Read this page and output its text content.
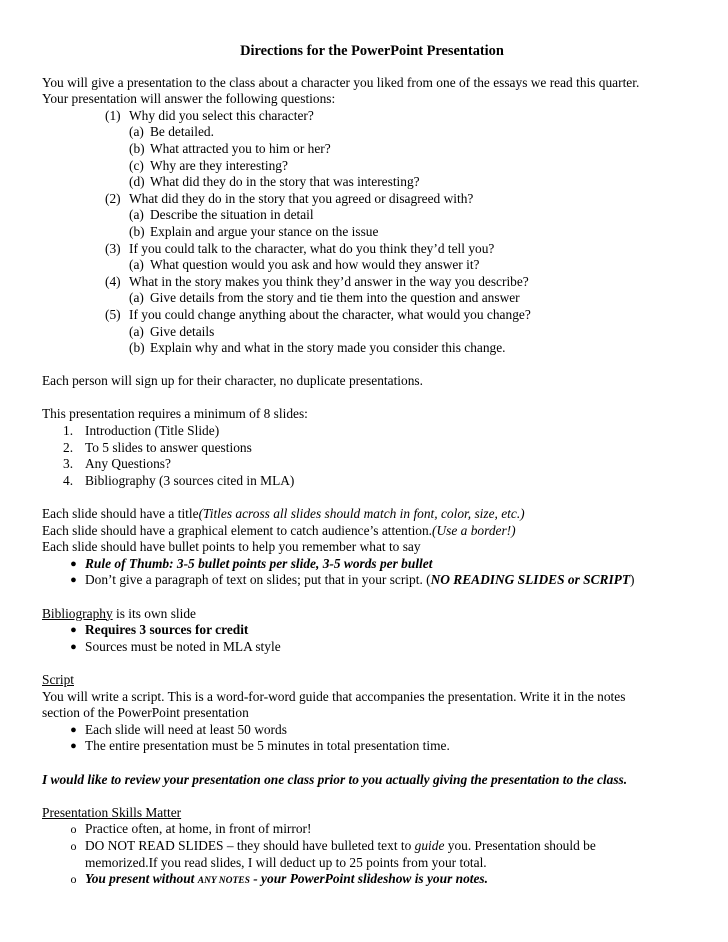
Directions for the PowerPoint Presentation

You will give a presentation to the class about a character you liked from one of the essays we read this quarter.

Your presentation will answer the following questions:

(1) Why did you select this character?
(a) Be detailed.
(b) What attracted you to him or her?
(c) Why are they interesting?
(d) What did they do in the story that was interesting?
(2) What did they do in the story that you agreed or disagreed with?
(a) Describe the situation in detail
(b) Explain and argue your stance on the issue
(3) If you could talk to the character, what do you think they’d tell you?
(a) What question would you ask and how would they answer it?
(4) What in the story makes you think they’d answer in the way you describe?
(a) Give details from the story and tie them into the question and answer
(5) If you could change anything about the character, what would you change?
(a) Give details
(b) Explain why and what in the story made you consider this change.

Each person will sign up for their character, no duplicate presentations.

This presentation requires a minimum of 8 slides:

1. Introduction (Title Slide)
2. To 5 slides to answer questions
3. Any Questions?
4. Bibliography (3 sources cited in MLA)

Each slide should have a title(Titles across all slides should match in font, color, size, etc.)

Each slide should have a graphical element to catch audience’s attention.(Use a border!)

Each slide should have bullet points to help you remember what to say

● Rule of Thumb: 3-5 bullet points per slide, 3-5 words per bullet
● Don’t give a paragraph of text on slides; put that in your script. (NO READING SLIDES or SCRIPT)

Bibliography is its own slide

● Requires 3 sources for credit
● Sources must be noted in MLA style

Script

You will write a script. This is a word-for-word guide that accompanies the presentation. Write it in the notes

section of the PowerPoint presentation

● Each slide will need at least 50 words
● The entire presentation must be 5 minutes in total presentation time.

I would like to review your presentation one class prior to you actually giving the presentation to the class.

Presentation Skills Matter

o Practice often, at home, in front of mirror!
o DO NOT READ SLIDES – they should have bulleted text to guide you. Presentation should be
memorized.If you read slides, I will deduct up to 25 points from your total.
o You present without ANY NOTES - your PowerPoint slideshow is your notes.
